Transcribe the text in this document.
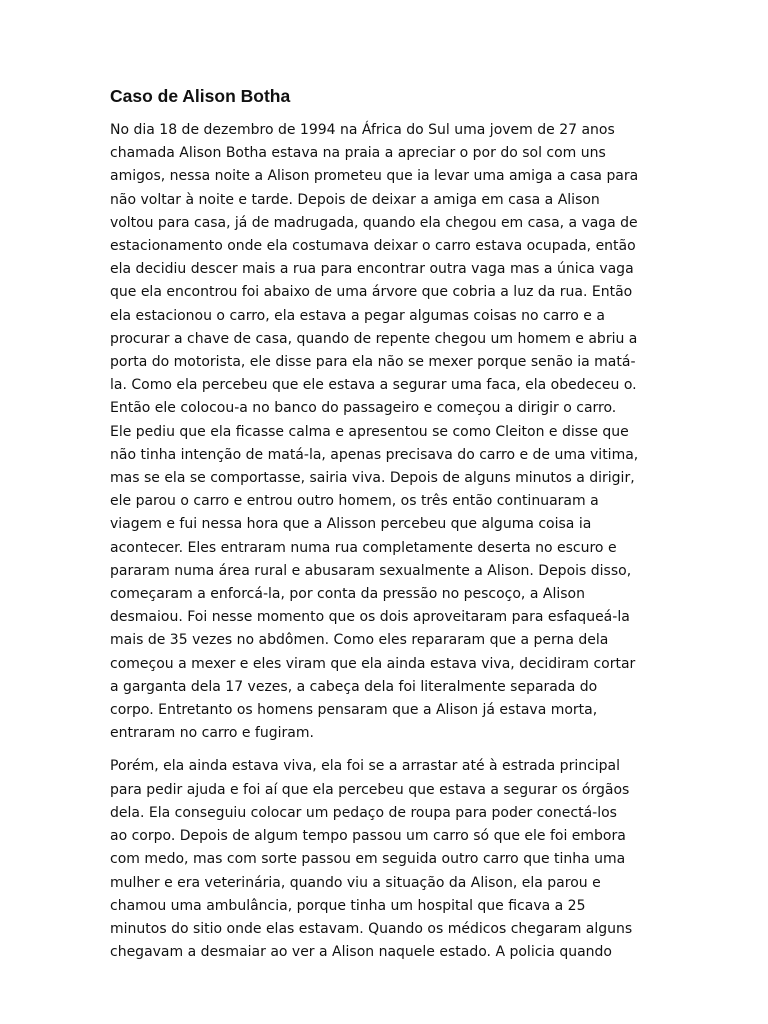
Caso de Alison Botha

No dia 18 de dezembro de 1994 na África do Sul uma jovem de 27 anos
chamada Alison Botha estava na praia a apreciar o por do sol com uns
amigos, nessa noite a Alison prometeu que ia levar uma amiga a casa para
não voltar à noite e tarde. Depois de deixar a amiga em casa a Alison
voltou para casa, já de madrugada, quando ela chegou em casa, a vaga de
estacionamento onde ela costumava deixar o carro estava ocupada, então
ela decidiu descer mais a rua para encontrar outra vaga mas a única vaga
que ela encontrou foi abaixo de uma árvore que cobria a luz da rua. Então
ela estacionou o carro, ela estava a pegar algumas coisas no carro e a
procurar a chave de casa, quando de repente chegou um homem e abriu a
porta do motorista, ele disse para ela não se mexer porque senão ia matá-
la. Como ela percebeu que ele estava a segurar uma faca, ela obedeceu o.
Então ele colocou-a no banco do passageiro e começou a dirigir o carro.
Ele pediu que ela ficasse calma e apresentou se como Cleiton e disse que
não tinha intenção de matá-la, apenas precisava do carro e de uma vitima,
mas se ela se comportasse, sairia viva. Depois de alguns minutos a dirigir,
ele parou o carro e entrou outro homem, os três então continuaram a
viagem e fui nessa hora que a Alisson percebeu que alguma coisa ia
acontecer. Eles entraram numa rua completamente deserta no escuro e
pararam numa área rural e abusaram sexualmente a Alison. Depois disso,
começaram a enforcá-la, por conta da pressão no pescoço, a Alison
desmaiou. Foi nesse momento que os dois aproveitaram para esfaqueá-la
mais de 35 vezes no abdômen. Como eles repararam que a perna dela
começou a mexer e eles viram que ela ainda estava viva, decidiram cortar
a garganta dela 17 vezes, a cabeça dela foi literalmente separada do
corpo. Entretanto os homens pensaram que a Alison já estava morta,
entraram no carro e fugiram.

Porém, ela ainda estava viva, ela foi se a arrastar até à estrada principal
para pedir ajuda e foi aí que ela percebeu que estava a segurar os órgãos
dela. Ela conseguiu colocar um pedaço de roupa para poder conectá-los
ao corpo. Depois de algum tempo passou um carro só que ele foi embora
com medo, mas com sorte passou em seguida outro carro que tinha uma
mulher e era veterinária, quando viu a situação da Alison, ela parou e
chamou uma ambulância, porque tinha um hospital que ficava a 25
minutos do sitio onde elas estavam. Quando os médicos chegaram alguns
chegavam a desmaiar ao ver a Alison naquele estado. A policia quando
